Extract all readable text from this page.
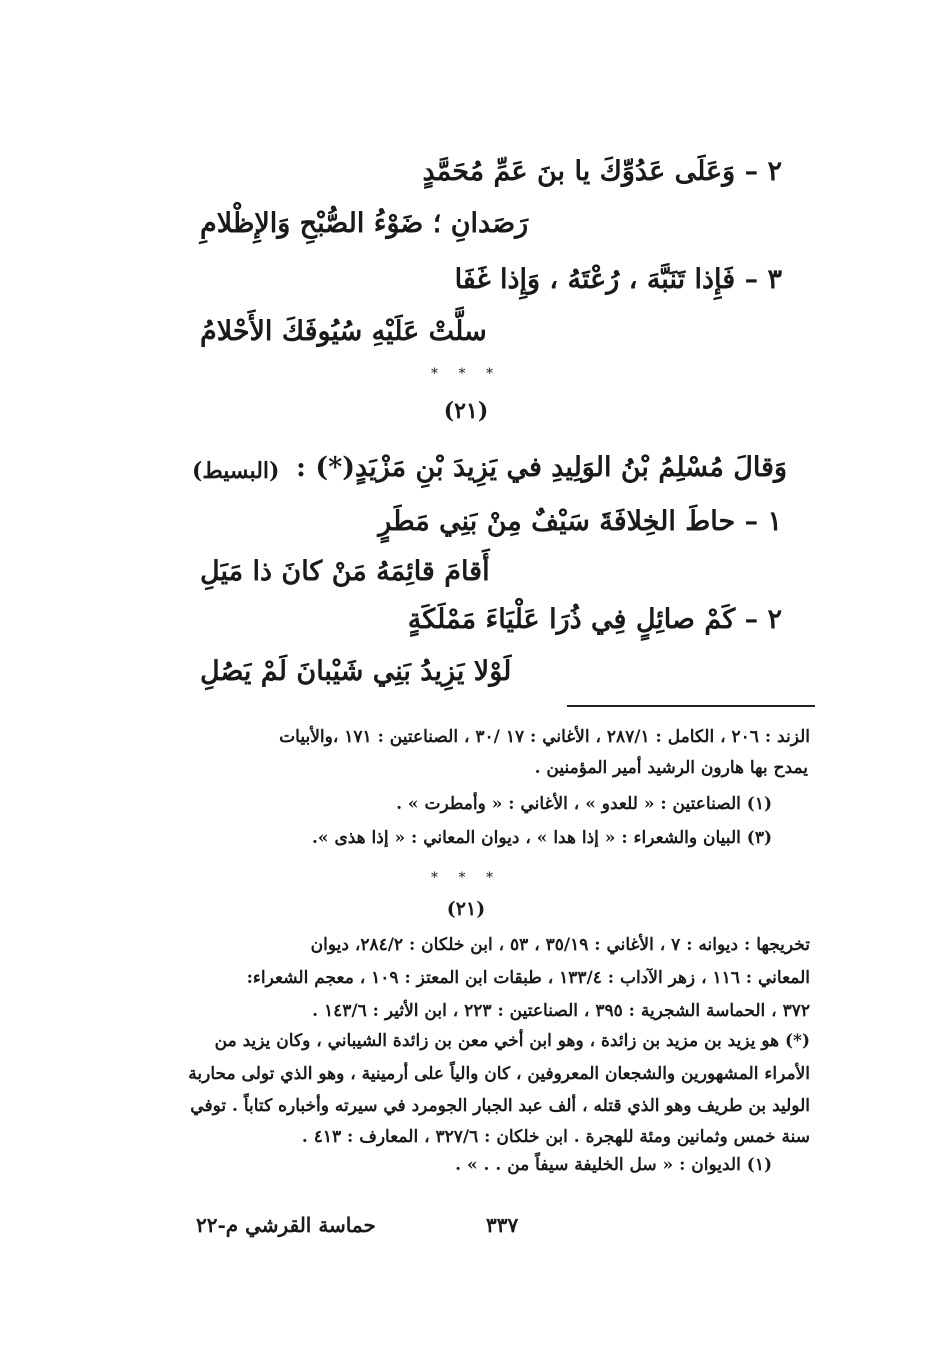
٢ – وَعَلَى عَدُوِّكَ يا بنَ عَمِّ مُحَمَّدٍ
رَصَدانِ ؛ ضَوْءُ الصُّبْحِ وَالإِظْلامِ
٣ – فَإِذا تَنَبَّهَ ، رُعْتَهُ ، وَإِذا غَفَا
سلَّتْ عَلَيْهِ سُيُوفَكَ الأَحْلامُ
* * *
(٢١)
وَقالَ مُسْلِمُ بْنُ الوَلِيدِ في يَزِيدَ بْنِ مَزْيَدٍ(*) :
(البسيط)
١ – حاطَ الخِلافَةَ سَيْفٌ مِنْ بَنِي مَطَرٍ
أَقامَ قائِمَهُ مَنْ كانَ ذا مَيَلِ
٢ – كَمْ صائِلٍ فِي ذُرَا عَلْيَاءَ مَمْلَكَةٍ
لَوْلا يَزِيدُ بَنِي شَيْبانَ لَمْ يَصُلِ
الزند : ٢٠٦ ، الكامل : ٢٨٧/١ ، الأغاني : ١٧ /٣٠ ، الصناعتين : ١٧١ ،والأبيات
يمدح بها هارون الرشيد أمير المؤمنين .
(١) الصناعتين : « للعدو » ، الأغاني : « وأمطرت » .
(٣) البيان والشعراء : « إذا هدا » ، ديوان المعاني : « إذا هذى ».
* * *
(٢١)
تخريجها : ديوانه : ٧ ، الأغاني : ٣٥/١٩ ، ٥٣ ، ابن خلكان : ٢٨٤/٢، ديوان
المعاني : ١١٦ ، زهر الآداب : ١٣٣/٤ ، طبقات ابن المعتز : ١٠٩ ، معجم الشعراء:
٣٧٢ ، الحماسة الشجرية : ٣٩٥ ، الصناعتين : ٢٢٣ ، ابن الأثير : ١٤٣/٦ .
(*) هو يزيد بن مزيد بن زائدة ، وهو ابن أخي معن بن زائدة الشيباني ، وكان يزيد من
الأمراء المشهورين والشجعان المعروفين ، كان والياً على أرمينية ، وهو الذي تولى محاربة
الوليد بن طريف وهو الذي قتله ، ألف عبد الجبار الجومرد في سيرته وأخباره كتاباً . توفي
سنة خمس وثمانين ومئة للهجرة . ابن خلكان : ٣٢٧/٦ ، المعارف : ٤١٣ .
(١) الديوان : « سل الخليفة سيفاً من . . » .
٣٣٧
حماسة القرشي م-٢٢
